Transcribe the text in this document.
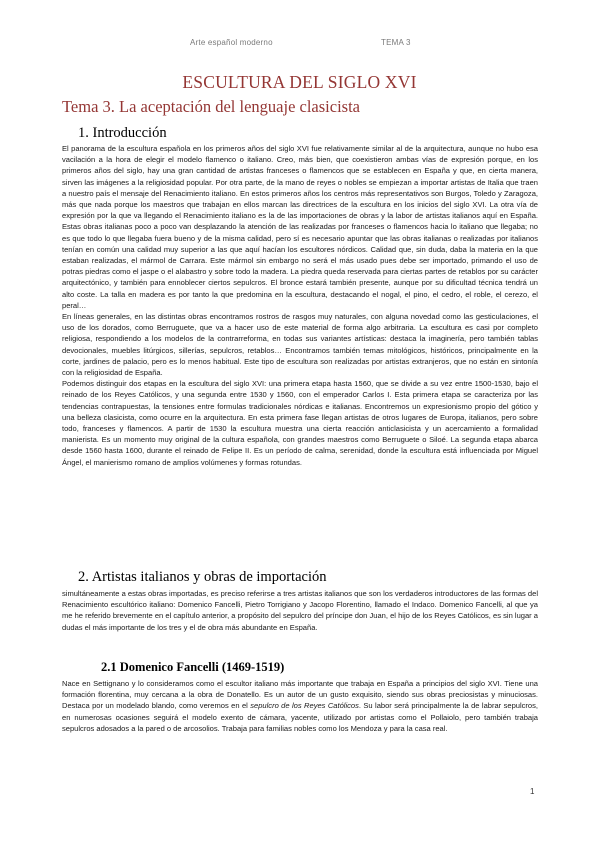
Arte español moderno	TEMA 3
ESCULTURA DEL SIGLO XVI
Tema 3. La aceptación del lenguaje clasicista
1. Introducción

El panorama de la escultura española en los primeros años del siglo XVI fue relativamente similar al de la arquitectura, aunque no hubo esa vacilación a la hora de elegir el modelo flamenco o italiano. Creo, más bien, que coexistieron ambas vías de expresión porque, en los primeros años del siglo, hay una gran cantidad de artistas franceses o flamencos que se establecen en España y que, en cierta manera, sirven las imágenes a la religiosidad popular. Por otra parte, de la mano de reyes o nobles se empiezan a importar artistas de Italia que traen a nuestro país el mensaje del Renacimiento italiano. En estos primeros años los centros más representativos son Burgos, Toledo y Zaragoza, más que nada porque los maestros que trabajan en ellos marcan las directrices de la escultura en los inicios del siglo XVI. La otra vía de expresión por la que va llegando el Renacimiento italiano es la de las importaciones de obras y la labor de artistas italianos aquí en España. Estas obras italianas poco a poco van desplazando la atención de las realizadas por franceses o flamencos hacia lo italiano que llegaba; no es que todo lo que llegaba fuera bueno y de la misma calidad, pero sí es necesario apuntar que las obras italianas o realizadas por italianos tenían en común una calidad muy superior a las que aquí hacían los escultores nórdicos. Calidad que, sin duda, daba la materia en la que estaban realizadas, el mármol de Carrara. Este mármol sin embargo no será el más usado pues debe ser importado, primando el uso de potras piedras como el jaspe o el alabastro y sobre todo la madera. La piedra queda reservada para ciertas partes de retablos por su carácter arquitectónico, y también para ennoblecer ciertos sepulcros. El bronce estará también presente, aunque por su dificultad técnica tendrá un alto coste. La talla en madera es por tanto la que predomina en la escultura, destacando el nogal, el pino, el cedro, el roble, el cerezo, el peral…

En líneas generales, en las distintas obras encontramos rostros de rasgos muy naturales, con alguna novedad como las gesticulaciones, el uso de los dorados, como Berruguete, que va a hacer uso de este material de forma algo arbitraria. La escultura es casi por completo religiosa, respondiendo a los modelos de la contrarreforma, en todas sus variantes artísticas: destaca la imaginería, pero también tablas devocionales, muebles litúrgicos, sillerías, sepulcros, retablos… Encontramos también temas mitológicos, históricos, principalmente en la corte, jardines de palacio, pero es lo menos habitual. Este tipo de escultura son realizadas por artistas extranjeros, que no están en sintonía con la religiosidad de España.

Podemos distinguir dos etapas en la escultura del siglo XVI: una primera etapa hasta 1560, que se divide a su vez entre 1500-1530, bajo el reinado de los Reyes Católicos, y una segunda entre 1530 y 1560, con el emperador Carlos I. Esta primera etapa se caracteriza por las tendencias contrapuestas, la tensiones entre formulas tradicionales nórdicas e italianas. Encontremos un expresionismo propio del gótico y una belleza clasicista, como ocurre en la arquitectura. En esta primera fase llegan artistas de otros lugares de Europa, italianos, pero sobre todo, franceses y flamencos. A partir de 1530 la escultura muestra una cierta reacción anticlasicista y un acercamiento a formalidad manierista. Es un momento muy original de la cultura española, con grandes maestros como Berruguete o Siloé. La segunda etapa abarca desde 1560 hasta 1600, durante el reinado de Felipe II. Es un período de calma, serenidad, donde la escultura está influenciada por Miguel Ángel, el manierismo romano de amplios volúmenes y formas rotundas.

2. Artistas italianos y obras de importación

simultáneamente a estas obras importadas, es preciso referirse a tres artistas italianos que son los verdaderos introductores de las formas del Renacimiento escultórico italiano: Domenico Fancelli, Pietro Torrigiano y Jacopo Florentino, llamado el Indaco. Domenico Fancelli, al que ya me he referido brevemente en el capítulo anterior, a propósito del sepulcro del príncipe don Juan, el hijo de los Reyes Católicos, es sin lugar a dudas el más importante de los tres y el de obra más abundante en España.

2.1 Domenico Fancelli (1469-1519)

Nace en Settignano y lo consideramos como el escultor italiano más importante que trabaja en España a principios del siglo XVI. Tiene una formación florentina, muy cercana a la obra de Donatello. Es un autor de un gusto exquisito, siendo sus obras preciosistas y minuciosas. Destaca por un modelado blando, como veremos en el sepulcro de los Reyes Católicos. Su labor será principalmente la de labrar sepulcros, en numerosas ocasiones seguirá el modelo exento de cámara, yacente, utilizado por artistas como el Pollaiolo, pero también trabaja sepulcros adosados a la pared o de arcosolios. Trabaja para familias nobles como los Mendoza y para la casa real.

1
